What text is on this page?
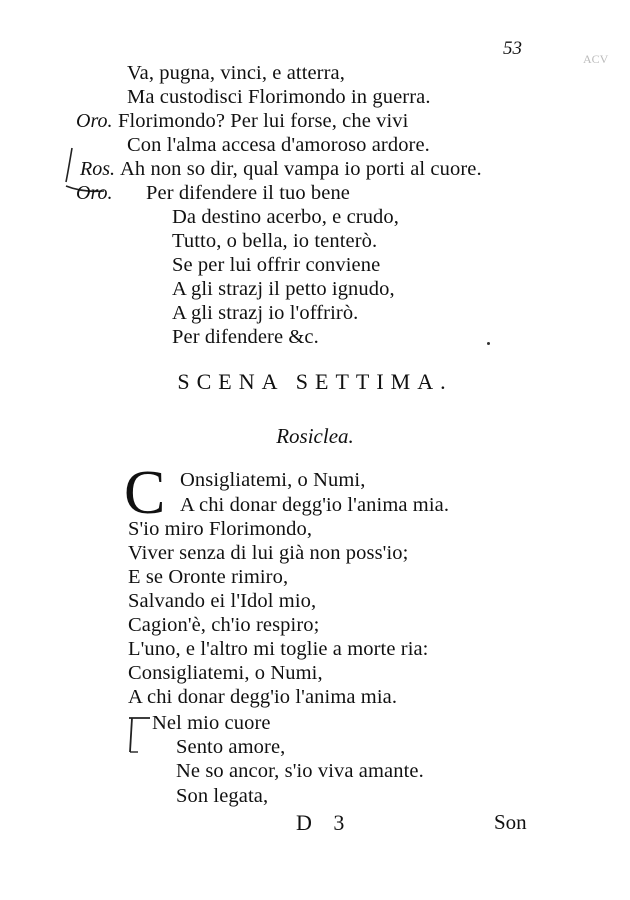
53	ACV
Va, pugna, vinci, e atterra,
Ma custodisci Florimondo in guerra.
Oro. Florimondo? Per lui forse, che vivi
Con l'alma accesa d'amoroso ardore.
Ros. Ah non so dir, qual vampa io porti al cuore.
Oro. Per difendere il tuo bene
Da destino acerbo, e crudo,
Tutto, o bella, io tenterò.
Se per lui offrir conviene
A gli strazj il petto ignudo,
A gli strazj io l'offrirò.
Per difendere &c.
SCENA SETTIMA.
Rosiclea.
C Onsigliatemi, o Numi,
A chi donar degg'io l'anima mia.
S'io miro Florimondo,
Viver senza di lui già non poss'io;
E se Oronte rimiro,
Salvando ei l'Idol mio,
Cagion'è, ch'io respiro;
L'uno, e l'altro mi toglie a morte ria:
Consigliatemi, o Numi,
A chi donar degg'io l'anima mia.
Nel mio cuore
Sento amore,
Ne so ancor, s'io viva amante.
Son legata,
D 3	Son
